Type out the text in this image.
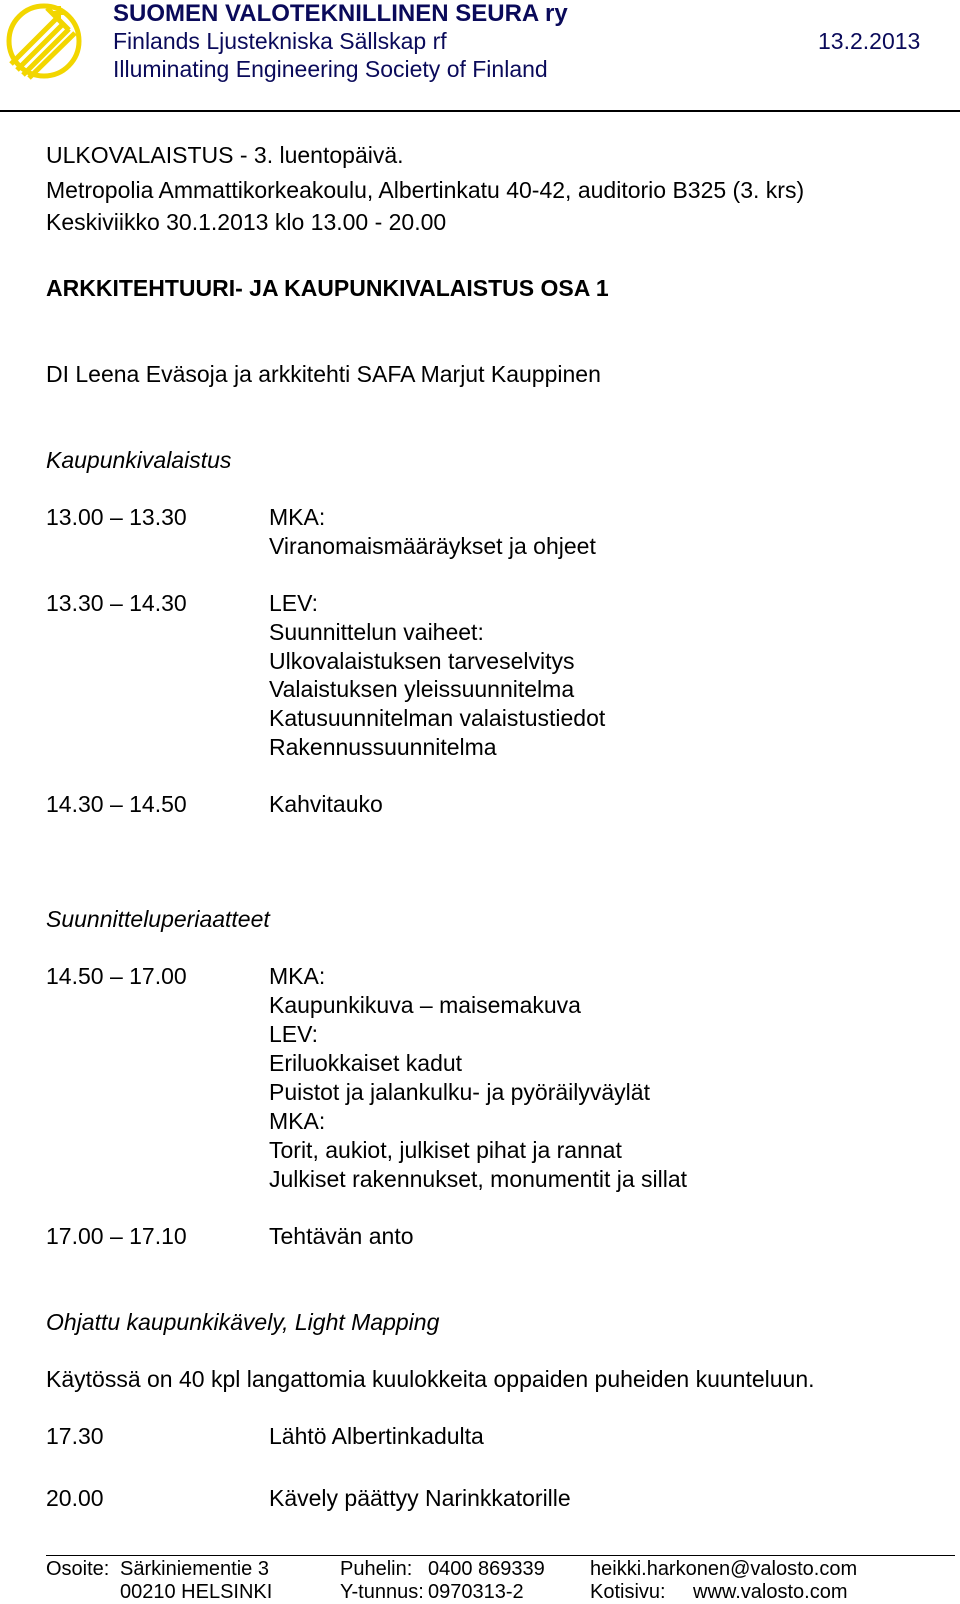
SUOMEN VALOTEKNILLINEN SEURA ry
Finlands Ljustekniska Sällskap rf
Illuminating Engineering Society of Finland
13.2.2013
ULKOVALAISTUS - 3. luentopäivä.
Metropolia Ammattikorkeakoulu, Albertinkatu 40-42, auditorio B325 (3. krs)
Keskiviikko 30.1.2013 klo 13.00 - 20.00
ARKKITEHTUURI- JA KAUPUNKIVALAISTUS OSA 1
DI Leena Eväsoja ja arkkitehti SAFA Marjut Kauppinen
Kaupunkivalaistus
13.00 – 13.30	MKA:
Viranomaismääräykset ja ohjeet
13.30 – 14.30	LEV:
Suunnittelun vaiheet:
Ulkovalaistuksen tarveselvitys
Valaistuksen yleissuunnitelma
Katusuunnitelman valaistustiedot
Rakennussuunnitelma
14.30 – 14.50	Kahvitauko
Suunnitteluperiaatteet
14.50 – 17.00	MKA:
Kaupunkikuva – maisemakuva
LEV:
Eriluokkaiset kadut
Puistot ja jalankulku- ja pyöräilyväylät
MKA:
Torit, aukiot, julkiset pihat ja rannat
Julkiset rakennukset, monumentit ja sillat
17.00 – 17.10	Tehtävän anto
Ohjattu kaupunkikävely, Light Mapping
Käytössä on 40 kpl langattomia kuulokkeita oppaiden puheiden kuunteluun.
17.30	Lähtö Albertinkadulta
20.00	Kävely päättyy Narinkkatorille
Osoite: Särkiniementie 3
00210 HELSINKI
Puhelin: 0400 869339
Y-tunnus: 0970313-2
heikki.harkonen@valosto.com
Kotisivu: www.valosto.com
